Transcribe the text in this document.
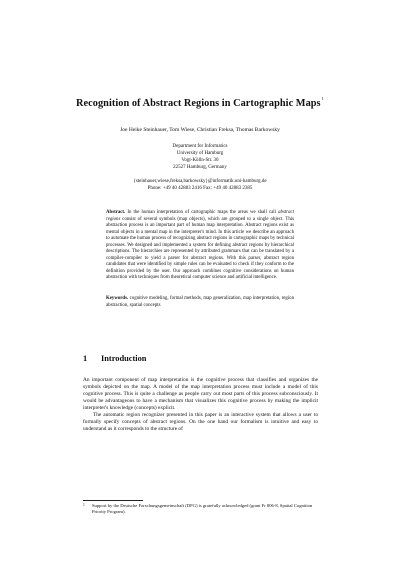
Recognition of Abstract Regions in Cartographic Maps$^1$
Joe Heike Steinhauer, Tom Wiese, Christian Freksa, Thomas Barkowsky
Department for Informatics
University of Hamburg
Vogt-Kölln-Str. 30
22527 Hamburg, Germany
{steinhauer,wiese,freksa,barkowsky}@informatik.uni-hamburg.de
Phone: +49 40 42883 2416 Fax: +49 40 42883 2385
Abstract. In the human interpretation of cartographic maps the areas we shall call abstract regions consist of several symbols (map objects), which are grouped to a single object. This abstraction process is an important part of human map interpretation. Abstract regions exist as mental objects in a mental map in the interpreter's mind. In this article we describe an approach to automate the human process of recognizing abstract regions in cartographic maps by technical processes. We designed and implemented a system for defining abstract regions by hierarchical descriptions. The hierarchies are represented by attributed grammars that can be translated by a compiler-compiler to yield a parser for abstract regions. With this parser, abstract region candidates that were identified by simple rules can be evaluated to check if they conform to the definition provided by the user. Our approach combines cognitive considerations on human abstraction with techniques from theoretical computer science and artificial intelligence.
Keywords. cognitive modeling, formal methods, map generalization, map interpretation, region abstraction, spatial concepts
1 Introduction

An important component of map interpretation is the cognitive process that classifies and organizes the symbols depicted on the map. A model of the map interpretation process must include a model of this cognitive process. This is quite a challenge as people carry out most parts of this process subconsciously. It would be advantageous to have a mechanism that visualizes this cognitive process by making the implicit interpreter's knowledge (concepts) explicit.

The automatic region recognizer presented in this paper is an interactive system that allows a user to formally specify concepts of abstract regions. On the one hand our formalism is intuitive and easy to understand as it corresponds to the structure of

1	Support by the Deutsche Forschungsgemeinschaft (DFG) is gratefully acknowledged (grant Fr 806-8, Spatial Cognition Priority Program).
